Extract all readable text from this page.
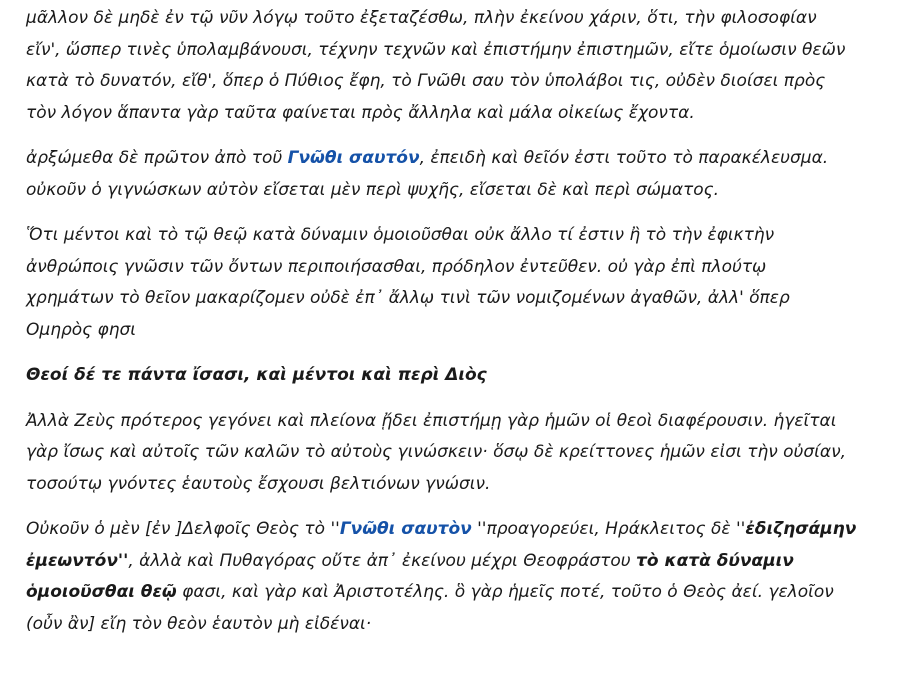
μᾶλλον δὲ μηδὲ ἐν τῷ νῦν λόγῳ τοῦτο ἐξεταζέσθω, πλὴν ἐκείνου χάριν, ὅτι, τὴν φιλοσοφίαν
εἴν', ὥσπερ τινὲς ὑπολαμβάνουσι, τέχνην τεχνῶν καὶ ἐπιστήμην ἐπιστημῶν, εἴτε ὁμοίωσιν θεῶν
κατὰ τὸ δυνατόν, εἴθ', ὅπερ ὁ Πύθιος ἔφη, τὸ Γνῶθι σαυ τὸν ὑπολάβοι τις, οὐδὲν διοίσει πρὸς
τὸν λόγον ἅπαντα γὰρ ταῦτα φαίνεται πρὸς ἄλληλα καὶ μάλα οἰκείως ἔχοντα.

ἀρξώμεθα δὲ πρῶτον ἀπὸ τοῦ Γνῶθι σαυτόν, ἐπειδὴ καὶ θεῖόν ἐστι τοῦτο τὸ παρακέλευσμα.
οὐκοῦν ὁ γιγνώσκων αὐτὸν εἴσεται μὲν περὶ ψυχῆς, εἴσεται δὲ καὶ περὶ σώματος.

Ὅτι μέντοι καὶ τὸ τῷ θεῷ κατὰ δύναμιν ὁμοιοῦσθαι οὐκ ἄλλο τί ἐστιν ἢ τὸ τὴν ἐφικτὴν
ἀνθρώποις γνῶσιν τῶν ὄντων περιποιήσασθαι, πρόδηλον ἐντεῦθεν. οὐ γὰρ ἐπὶ πλούτῳ
χρημάτων τὸ θεῖον μακαρίζομεν οὐδὲ ἐπ᾽ ἄλλῳ τινὶ τῶν νομιζομένων ἀγαθῶν, ἀλλ' ὅπερ
Ομηρὸς φησι

Θεοί δέ τε πάντα ἴσασι, καὶ μέντοι καὶ περὶ Διὸς

Ἀλλὰ Ζεὺς πρότερος γεγόνει καὶ πλείονα ᾔδει ἐπιστήμῃ γὰρ ἡμῶν οἱ θεοὶ διαφέρουσιν. ἡγεῖται
γὰρ ἴσως καὶ αὐτοῖς τῶν καλῶν τὸ αὐτοὺς γινώσκειν· ὅσῳ δὲ κρείττονες ἡμῶν εἰσι τὴν οὐσίαν,
τοσούτῳ γνόντες ἑαυτοὺς ἔσχουσι βελτιόνων γνώσιν.

Οὐκοῦν ὁ μὲν [ἐν ]Δελφοῖς Θεὸς τὸ ''Γνῶθι σαυτὸν ''προαγορεύει, Ηράκλειτος δὲ ''ἐδιζησάμην
ἐμεωντόν'', ἀλλὰ καὶ Πυθαγόρας οὔτε ἀπ᾽ ἐκείνου μέχρι Θεοφράστου τὸ κατὰ δύναμιν
ὁμοιοῦσθαι θεῷ φασι, καὶ γὰρ καὶ Ἀριστοτέλης. ὃ γὰρ ἡμεῖς ποτέ, τοῦτο ὁ Θεὸς ἀεί. γελοῖον
(οὖν ἂν] εἴη τὸν θεὸν ἑαυτὸν μὴ εἰδέναι·
